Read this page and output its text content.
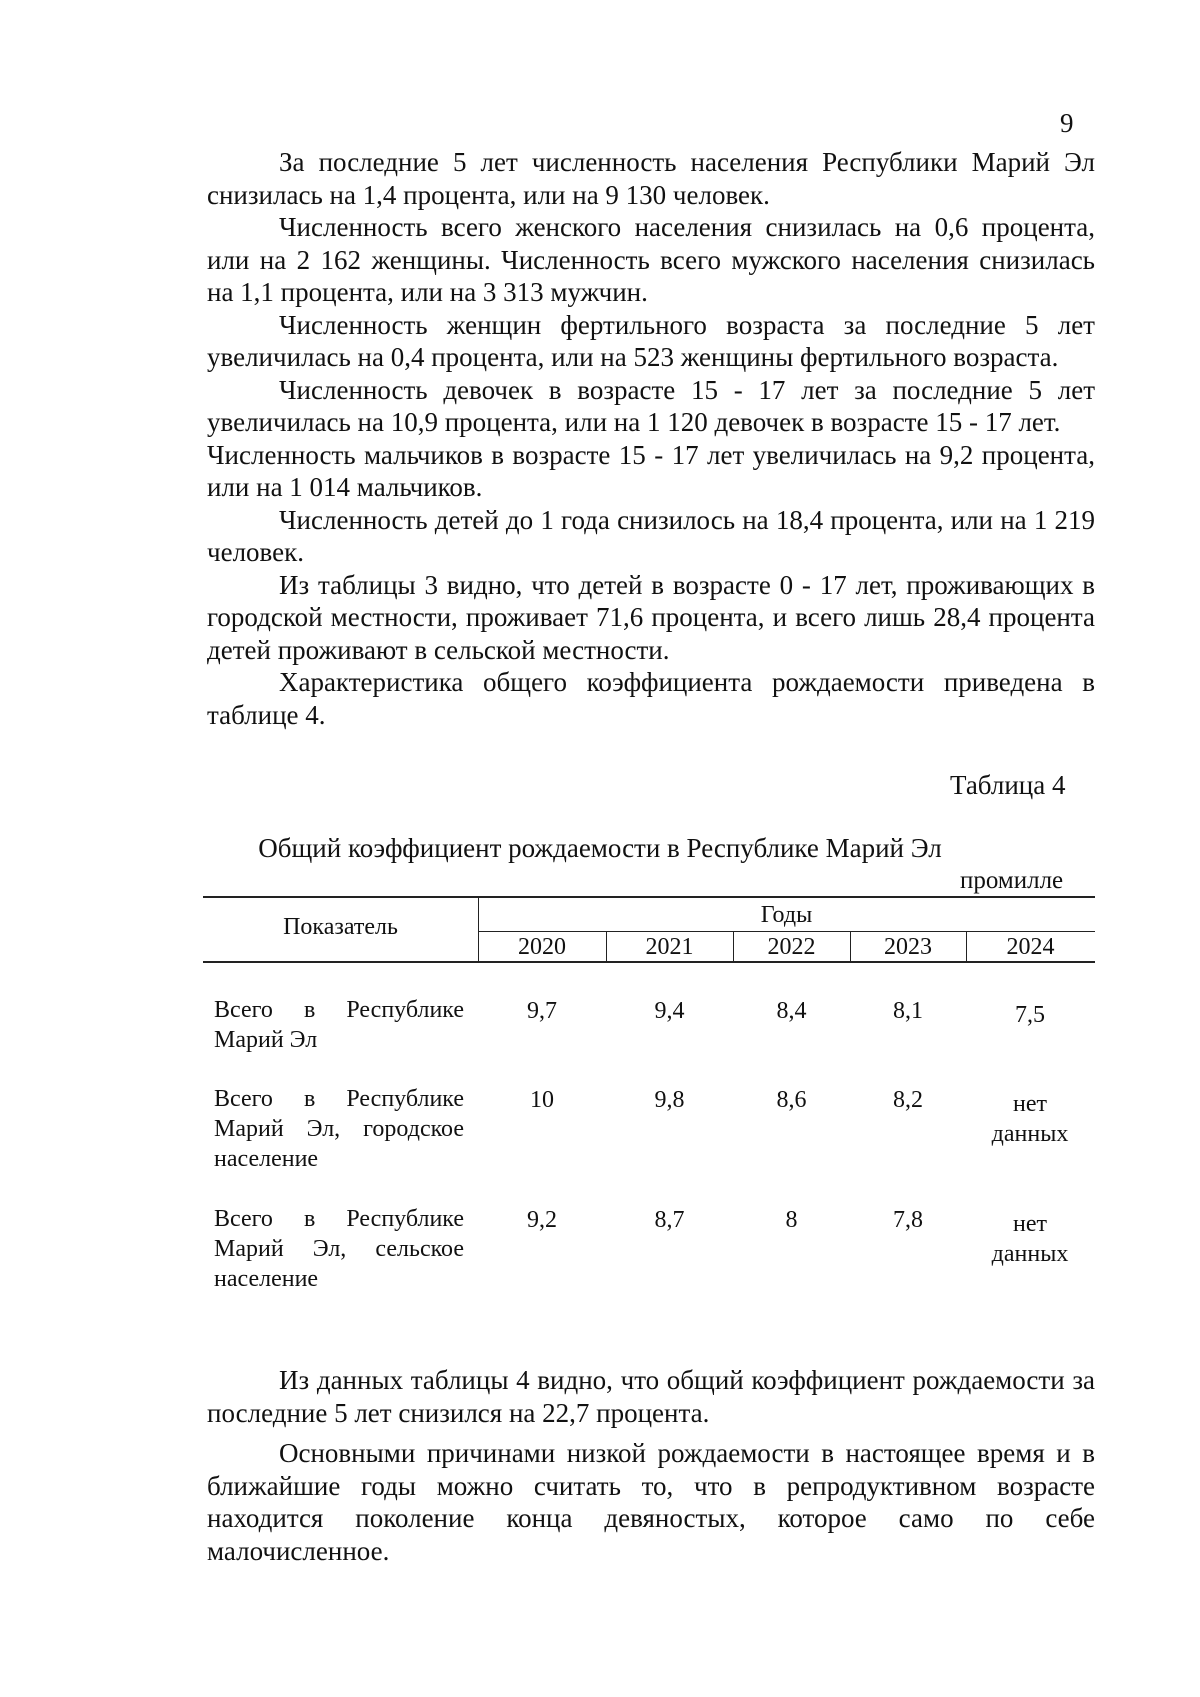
9

За последние 5 лет численность населения Республики Марий Эл снизилась на 1,4 процента, или на 9 130 человек.

Численность всего женского населения снизилась на 0,6 процента, или на 2 162 женщины. Численность всего мужского населения снизилась на 1,1 процента, или на 3 313 мужчин.

Численность женщин фертильного возраста за последние 5 лет увеличилась на 0,4 процента, или на 523 женщины фертильного возраста.

Численность девочек в возрасте 15 - 17 лет за последние 5 лет увеличилась на 10,9 процента, или на 1 120 девочек в возрасте 15 - 17 лет.

Численность мальчиков в возрасте 15 - 17 лет увеличилась на 9,2 процента, или на 1 014 мальчиков.

Численность детей до 1 года снизилось на 18,4 процента, или на 1 219 человек.

Из таблицы 3 видно, что детей в возрасте 0 - 17 лет, проживающих в городской местности, проживает 71,6 процента, и всего лишь 28,4 процента детей проживают в сельской местности.

Характеристика общего коэффициента рождаемости приведена в таблице 4.

Таблица 4
Общий коэффициент рождаемости в Республике Марий Эл
промилле
Показатель	Годы
2020	2021	2022	2023	2024
Всего в Республике Марий Эл
9,7	9,4	8,4	8,1	7,5
Всего в Республике Марий Эл, городское население
10	9,8	8,6	8,2	нет данных
Всего в Республике Марий Эл, сельское население
9,2	8,7	8	7,8	нет данных

Из данных таблицы 4 видно, что общий коэффициент рождаемости за последние 5 лет снизился на 22,7 процента.

Основными причинами низкой рождаемости в настоящее время и в ближайшие годы можно считать то, что в репродуктивном возрасте находится поколение конца девяностых, которое само по себе малочисленное.
